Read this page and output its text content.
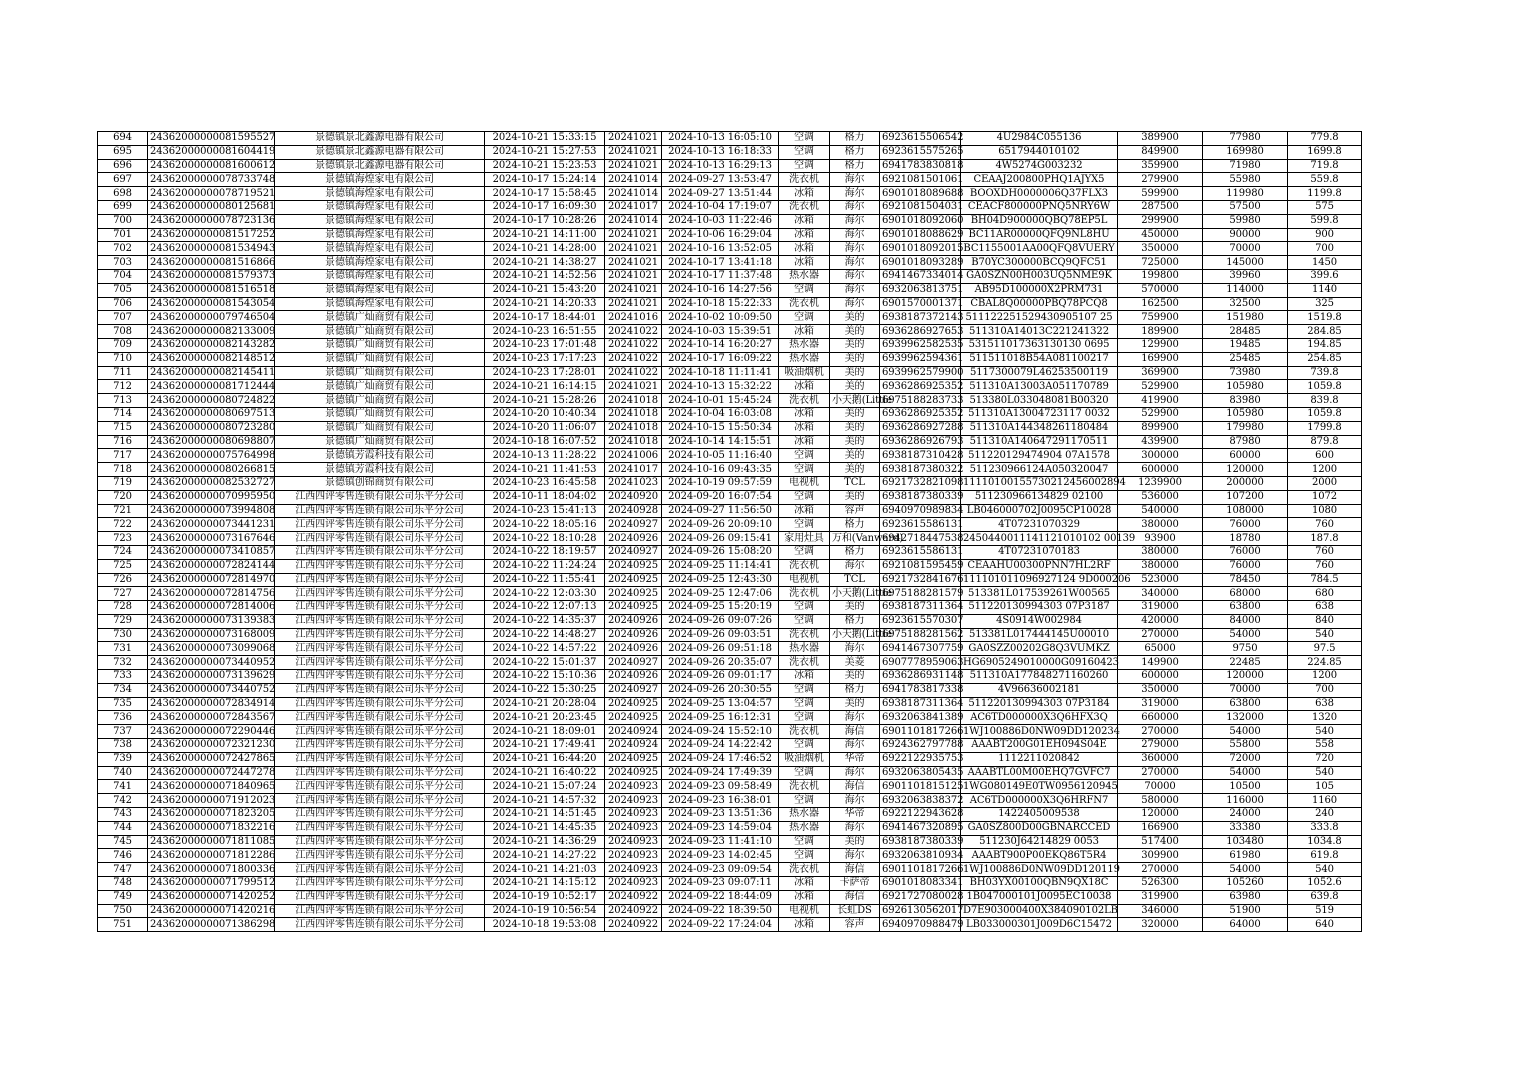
694	24362000000081595527	景德镇景北鑫源电器有限公司	2024-10-21 15:33:15	20241021	2024-10-13 16:05:10	空调	格力	6923615506542	4U2984C055136	389900	77980	779.8
695	24362000000081604419	景德镇景北鑫源电器有限公司	2024-10-21 15:27:53	20241021	2024-10-13 16:18:33	空调	格力	6923615575265	6517944010102	849900	169980	1699.8
696	24362000000081600612	景德镇景北鑫源电器有限公司	2024-10-21 15:23:53	20241021	2024-10-13 16:29:13	空调	格力	6941783830818	4W5274G003232	359900	71980	719.8
697	24362000000078733748	景德镇海煌家电有限公司	2024-10-17 15:24:14	20241014	2024-09-27 13:53:47	洗衣机	海尔	6921081501061	CEAAJ200800PHQ1AJYX5	279900	55980	559.8
698	24362000000078719521	景德镇海煌家电有限公司	2024-10-17 15:58:45	20241014	2024-09-27 13:51:44	冰箱	海尔	6901018089688	BOOXDH0000006Q37FLX3	599900	119980	1199.8
699	24362000000080125681	景德镇海煌家电有限公司	2024-10-17 16:09:30	20241017	2024-10-04 17:19:07	洗衣机	海尔	6921081504031	CEACF800000PNQ5NRY6W	287500	57500	575
700	24362000000078723136	景德镇海煌家电有限公司	2024-10-17 10:28:26	20241014	2024-10-03 11:22:46	冰箱	海尔	6901018092060	BH04D900000QBQ78EP5L	299900	59980	599.8
701	24362000000081517252	景德镇海煌家电有限公司	2024-10-21 14:11:00	20241021	2024-10-06 16:29:04	冰箱	海尔	6901018088629	BC11AR00000QFQ9NL8HU	450000	90000	900
702	24362000000081534943	景德镇海煌家电有限公司	2024-10-21 14:28:00	20241021	2024-10-16 13:52:05	冰箱	海尔	6901018092015	BC1155001AA00QFQ8VUERY	350000	70000	700
703	24362000000081516866	景德镇海煌家电有限公司	2024-10-21 14:38:27	20241021	2024-10-17 13:41:18	冰箱	海尔	6901018093289	B70YC300000BCQ9QFC51	725000	145000	1450
704	24362000000081579373	景德镇海煌家电有限公司	2024-10-21 14:52:56	20241021	2024-10-17 11:37:48	热水器	海尔	6941467334014	GA0SZN00H003UQ5NME9K	199800	39960	399.6
705	24362000000081516518	景德镇海煌家电有限公司	2024-10-21 15:43:20	20241021	2024-10-16 14:27:56	空调	海尔	6932063813751	AB95D100000X2PRM731	570000	114000	1140
706	24362000000081543054	景德镇海煌家电有限公司	2024-10-21 14:20:33	20241021	2024-10-18 15:22:33	洗衣机	海尔	6901570001371	CBAL8Q00000PBQ78PCQ8	162500	32500	325
707	24362000000079746504	景德镇广灿商贸有限公司	2024-10-17 18:44:01	20241016	2024-10-02 10:09:50	空调	美的	6938187372143	511122251529430905107 25	759900	151980	1519.8
708	24362000000082133009	景德镇广灿商贸有限公司	2024-10-23 16:51:55	20241022	2024-10-03 15:39:51	冰箱	美的	6936286927653	511310A14013C221241322	189900	28485	284.85
709	24362000000082143282	景德镇广灿商贸有限公司	2024-10-23 17:01:48	20241022	2024-10-14 16:20:27	热水器	美的	6939962582535	531511017363130130 0695	129900	19485	194.85
710	24362000000082148512	景德镇广灿商贸有限公司	2024-10-23 17:17:23	20241022	2024-10-17 16:09:22	热水器	美的	6939962594361	511511018B54A081100217	169900	25485	254.85
711	24362000000082145411	景德镇广灿商贸有限公司	2024-10-23 17:28:01	20241022	2024-10-18 11:11:41	吸油烟机	美的	6939962579900	5117300079L46253500119	369900	73980	739.8
712	24362000000081712444	景德镇广灿商贸有限公司	2024-10-21 16:14:15	20241021	2024-10-13 15:32:22	冰箱	美的	6936286925352	511310A13003A051170789	529900	105980	1059.8
713	24362000000080724822	景德镇广灿商贸有限公司	2024-10-21 15:28:26	20241018	2024-10-01 15:45:24	洗衣机	小天鹅(Little	6975188283733	513380L033048081B00320	419900	83980	839.8
714	24362000000080697513	景德镇广灿商贸有限公司	2024-10-20 10:40:34	20241018	2024-10-04 16:03:08	冰箱	美的	6936286925352	511310A13004723117 0032	529900	105980	1059.8
715	24362000000080723280	景德镇广灿商贸有限公司	2024-10-20 11:06:07	20241018	2024-10-15 15:50:34	冰箱	美的	6936286927288	511310A144348261180484	899900	179980	1799.8
716	24362000000080698807	景德镇广灿商贸有限公司	2024-10-18 16:07:52	20241018	2024-10-14 14:15:51	冰箱	美的	6936286926793	511310A140647291170511	439900	87980	879.8
717	24362000000075764998	景德镇芳霞科技有限公司	2024-10-13 11:28:22	20241006	2024-10-05 11:16:40	空调	美的	6938187310428	511220129474904 07A1578	300000	60000	600
718	24362000000080266815	景德镇芳霞科技有限公司	2024-10-21 11:41:53	20241017	2024-10-16 09:43:35	空调	美的	6938187380322	511230966124A050320047	600000	120000	1200
719	24362000000082532727	景德镇创锦商贸有限公司	2024-10-23 16:45:58	20241023	2024-10-19 09:57:59	电视机	TCL	6921732821098	11110100155730212456002894	1239900	200000	2000
720	24362000000070995950	江西四评零售连锁有限公司乐平分公司	2024-10-11 18:04:02	20240920	2024-09-20 16:07:54	空调	美的	6938187380339	511230966134829 02100	536000	107200	1072
721	24362000000073994808	江西四评零售连锁有限公司乐平分公司	2024-10-23 15:41:13	20240928	2024-09-27 11:56:50	冰箱	容声	6940970989834	LB046000702J0095CP10028	540000	108000	1080
722	24362000000073441231	江西四评零售连锁有限公司乐平分公司	2024-10-22 18:05:16	20240927	2024-09-26 20:09:10	空调	格力	6923615586131	4T07231070329	380000	76000	760
723	24362000000073167646	江西四评零售连锁有限公司乐平分公司	2024-10-22 18:10:28	20240926	2024-09-26 09:15:41	家用灶具	万和(Vanward)	6942718447538	2450440011141121010102 00139	93900	18780	187.8
724	24362000000073410857	江西四评零售连锁有限公司乐平分公司	2024-10-22 18:19:57	20240927	2024-09-26 15:08:20	空调	格力	6923615586131	4T07231070183	380000	76000	760
725	24362000000072824144	江西四评零售连锁有限公司乐平分公司	2024-10-22 11:24:24	20240925	2024-09-25 11:14:41	洗衣机	海尔	6921081595459	CEAAHU00300PNN7HL2RF	380000	76000	760
726	24362000000072814970	江西四评零售连锁有限公司乐平分公司	2024-10-22 11:55:41	20240925	2024-09-25 12:43:30	电视机	TCL	6921732841676	111101011096927124 9D000206	523000	78450	784.5
727	24362000000072814756	江西四评零售连锁有限公司乐平分公司	2024-10-22 12:03:30	20240925	2024-09-25 12:47:06	洗衣机	小天鹅(Little	6975188281579	513381L017539261W00565	340000	68000	680
728	24362000000072814006	江西四评零售连锁有限公司乐平分公司	2024-10-22 12:07:13	20240925	2024-09-25 15:20:19	空调	美的	6938187311364	511220130994303 07P3187	319000	63800	638
729	24362000000073139383	江西四评零售连锁有限公司乐平分公司	2024-10-22 14:35:37	20240926	2024-09-26 09:07:26	空调	格力	6923615570307	4S0914W002984	420000	84000	840
730	24362000000073168009	江西四评零售连锁有限公司乐平分公司	2024-10-22 14:48:27	20240926	2024-09-26 09:03:51	洗衣机	小天鹅(Little	6975188281562	513381L017444145U00010	270000	54000	540
731	24362000000073099068	江西四评零售连锁有限公司乐平分公司	2024-10-22 14:57:22	20240926	2024-09-26 09:51:18	热水器	海尔	6941467307759	GA0SZZ00202G8Q3VUMKZ	65000	9750	97.5
732	24362000000073440952	江西四评零售连锁有限公司乐平分公司	2024-10-22 15:01:37	20240927	2024-09-26 20:35:07	洗衣机	美菱	6907778959063	HG6905249010000G09160423	149900	22485	224.85
733	24362000000073139629	江西四评零售连锁有限公司乐平分公司	2024-10-22 15:10:36	20240926	2024-09-26 09:01:17	冰箱	美的	6936286931148	511310A177848271160260	600000	120000	1200
734	24362000000073440752	江西四评零售连锁有限公司乐平分公司	2024-10-22 15:30:25	20240927	2024-09-26 20:30:55	空调	格力	6941783817338	4V96636002181	350000	70000	700
735	24362000000072834914	江西四评零售连锁有限公司乐平分公司	2024-10-21 20:28:04	20240925	2024-09-25 13:04:57	空调	美的	6938187311364	511220130994303 07P3184	319000	63800	638
736	24362000000072843567	江西四评零售连锁有限公司乐平分公司	2024-10-21 20:23:45	20240925	2024-09-25 16:12:31	空调	海尔	6932063841389	AC6TD000000X3Q6HFX3Q	660000	132000	1320
737	24362000000072290446	江西四评零售连锁有限公司乐平分公司	2024-10-21 18:09:01	20240924	2024-09-24 15:52:10	洗衣机	海信	6901101817266	1WJ100886D0NW09DD120234	270000	54000	540
738	24362000000072321230	江西四评零售连锁有限公司乐平分公司	2024-10-21 17:49:41	20240924	2024-09-24 14:22:42	空调	海尔	6924362797788	AAABT200G01EH094S04E	279000	55800	558
739	24362000000072427865	江西四评零售连锁有限公司乐平分公司	2024-10-21 16:44:20	20240925	2024-09-24 17:46:52	吸油烟机	华帝	6922122935753	1112211020842	360000	72000	720
740	24362000000072447278	江西四评零售连锁有限公司乐平分公司	2024-10-21 16:40:22	20240925	2024-09-24 17:49:39	空调	海尔	6932063805435	AAABTL00M00EHQ7GVFC7	270000	54000	540
741	24362000000071840965	江西四评零售连锁有限公司乐平分公司	2024-10-21 15:07:24	20240923	2024-09-23 09:58:49	洗衣机	海信	6901101815125	1WG080149E0TW0956120945	70000	10500	105
742	24362000000071912023	江西四评零售连锁有限公司乐平分公司	2024-10-21 14:57:32	20240923	2024-09-23 16:38:01	空调	海尔	6932063838372	AC6TD000000X3Q6HRFN7	580000	116000	1160
743	24362000000071823205	江西四评零售连锁有限公司乐平分公司	2024-10-21 14:51:45	20240923	2024-09-23 13:51:36	热水器	华帝	6922122943628	1422405009538	120000	24000	240
744	24362000000071832216	江西四评零售连锁有限公司乐平分公司	2024-10-21 14:45:35	20240923	2024-09-23 14:59:04	热水器	海尔	6941467320895	GA0SZ800D00GBNARCCED	166900	33380	333.8
745	24362000000071811085	江西四评零售连锁有限公司乐平分公司	2024-10-21 14:36:29	20240923	2024-09-23 11:41:10	空调	美的	6938187380339	511230J64214829 0053	517400	103480	1034.8
746	24362000000071812286	江西四评零售连锁有限公司乐平分公司	2024-10-21 14:27:22	20240923	2024-09-23 14:02:45	空调	海尔	6932063810934	AAABT900P00EKQ86T5R4	309900	61980	619.8
747	24362000000071800336	江西四评零售连锁有限公司乐平分公司	2024-10-21 14:21:03	20240923	2024-09-23 09:09:54	洗衣机	海信	6901101817266	1WJ100886D0NW09DD120119	270000	54000	540
748	24362000000071799512	江西四评零售连锁有限公司乐平分公司	2024-10-21 14:15:12	20240923	2024-09-23 09:07:11	冰箱	卡萨帝	6901018083341	BH03YX00100QBN9QX18C	526300	105260	1052.6
749	24362000000071420252	江西四评零售连锁有限公司乐平分公司	2024-10-19 10:52:17	20240922	2024-09-22 18:44:09	冰箱	海信	6921727080028	1B047000101J0095EC10038	319900	63980	639.8
750	24362000000071420216	江西四评零售连锁有限公司乐平分公司	2024-10-19 10:56:54	20240922	2024-09-22 18:39:50	电视机	长虹DS	6926130562017	D7E903000400X384090102LB	346000	51900	519
751	24362000000071386298	江西四评零售连锁有限公司乐平分公司	2024-10-18 19:53:08	20240922	2024-09-22 17:24:04	冰箱	容声	6940970988479	LB033000301J009D6C15472	320000	64000	640
